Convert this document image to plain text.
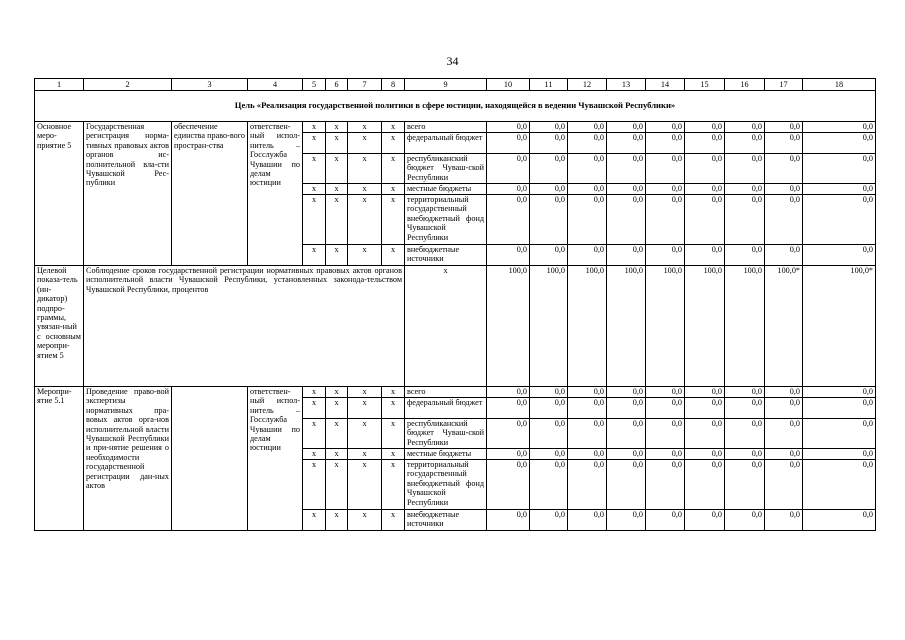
34
1	2	3	4	5	6	7	8	9	10	11	12	13	14	15	16	17	18
Цель «Реализация государственной политики в сфере юстиции, находящейся в ведении Чувашской Республики»																	
Основное меро-приятие 5	Государственная регистрация норма-тивных правовых актов органов ис-полнительной вла-сти Чувашской Рес-публики	обеспечение единства право-вого простран-ства	ответствен-ный испол-нитель – Госслужба Чувашии по делам юстиции	x	x	x	x	всего	0,0	0,0	0,0	0,0	0,0	0,0	0,0	0,0	0,0
				x	x	x	x	федеральный бюджет	0,0	0,0	0,0	0,0	0,0	0,0	0,0	0,0	0,0
				x	x	x	x	республиканский бюджет Чуваш-ской Республики	0,0	0,0	0,0	0,0	0,0	0,0	0,0	0,0	0,0
				x	x	x	x	местные бюджеты	0,0	0,0	0,0	0,0	0,0	0,0	0,0	0,0	0,0
				x	x	x	x	территориальный государственный внебюджетный фонд Чувашской Республики	0,0	0,0	0,0	0,0	0,0	0,0	0,0	0,0	0,0
				x	x	x	x	внебюджетные источники	0,0	0,0	0,0	0,0	0,0	0,0	0,0	0,0	0,0
Целевой показа-тель (ин-дикатор) подпро-граммы, увязан-ный с основным меропри-ятием 5	Соблюдение сроков государственной регистрации нормативных правовых актов органов исполнительной власти Чувашской Республики, установленных законода-тельством Чувашской Республики, процентов							x	100,0	100,0	100,0	100,0	100,0	100,0	100,0	100,0*	100,0*
Меропри-ятие 5.1	Проведение право-вой экспертизы нормативных пра-вовых актов орга-нов исполнительной власти Чувашской Республики и при-нятие решения о необходимости государственной регистрации дан-ных актов		ответствен-ный испол-нитель – Госслужба Чувашии по делам юстиции	x	x	x	x	всего	0,0	0,0	0,0	0,0	0,0	0,0	0,0	0,0	0,0
				x	x	x	x	федеральный бюджет	0,0	0,0	0,0	0,0	0,0	0,0	0,0	0,0	0,0
				x	x	x	x	республиканский бюджет Чуваш-ской Республики	0,0	0,0	0,0	0,0	0,0	0,0	0,0	0,0	0,0
				x	x	x	x	местные бюджеты	0,0	0,0	0,0	0,0	0,0	0,0	0,0	0,0	0,0
				x	x	x	x	территориальный государственный внебюджетный фонд Чувашской Республики	0,0	0,0	0,0	0,0	0,0	0,0	0,0	0,0	0,0
				x	x	x	x	внебюджетные источники	0,0	0,0	0,0	0,0	0,0	0,0	0,0	0,0	0,0
